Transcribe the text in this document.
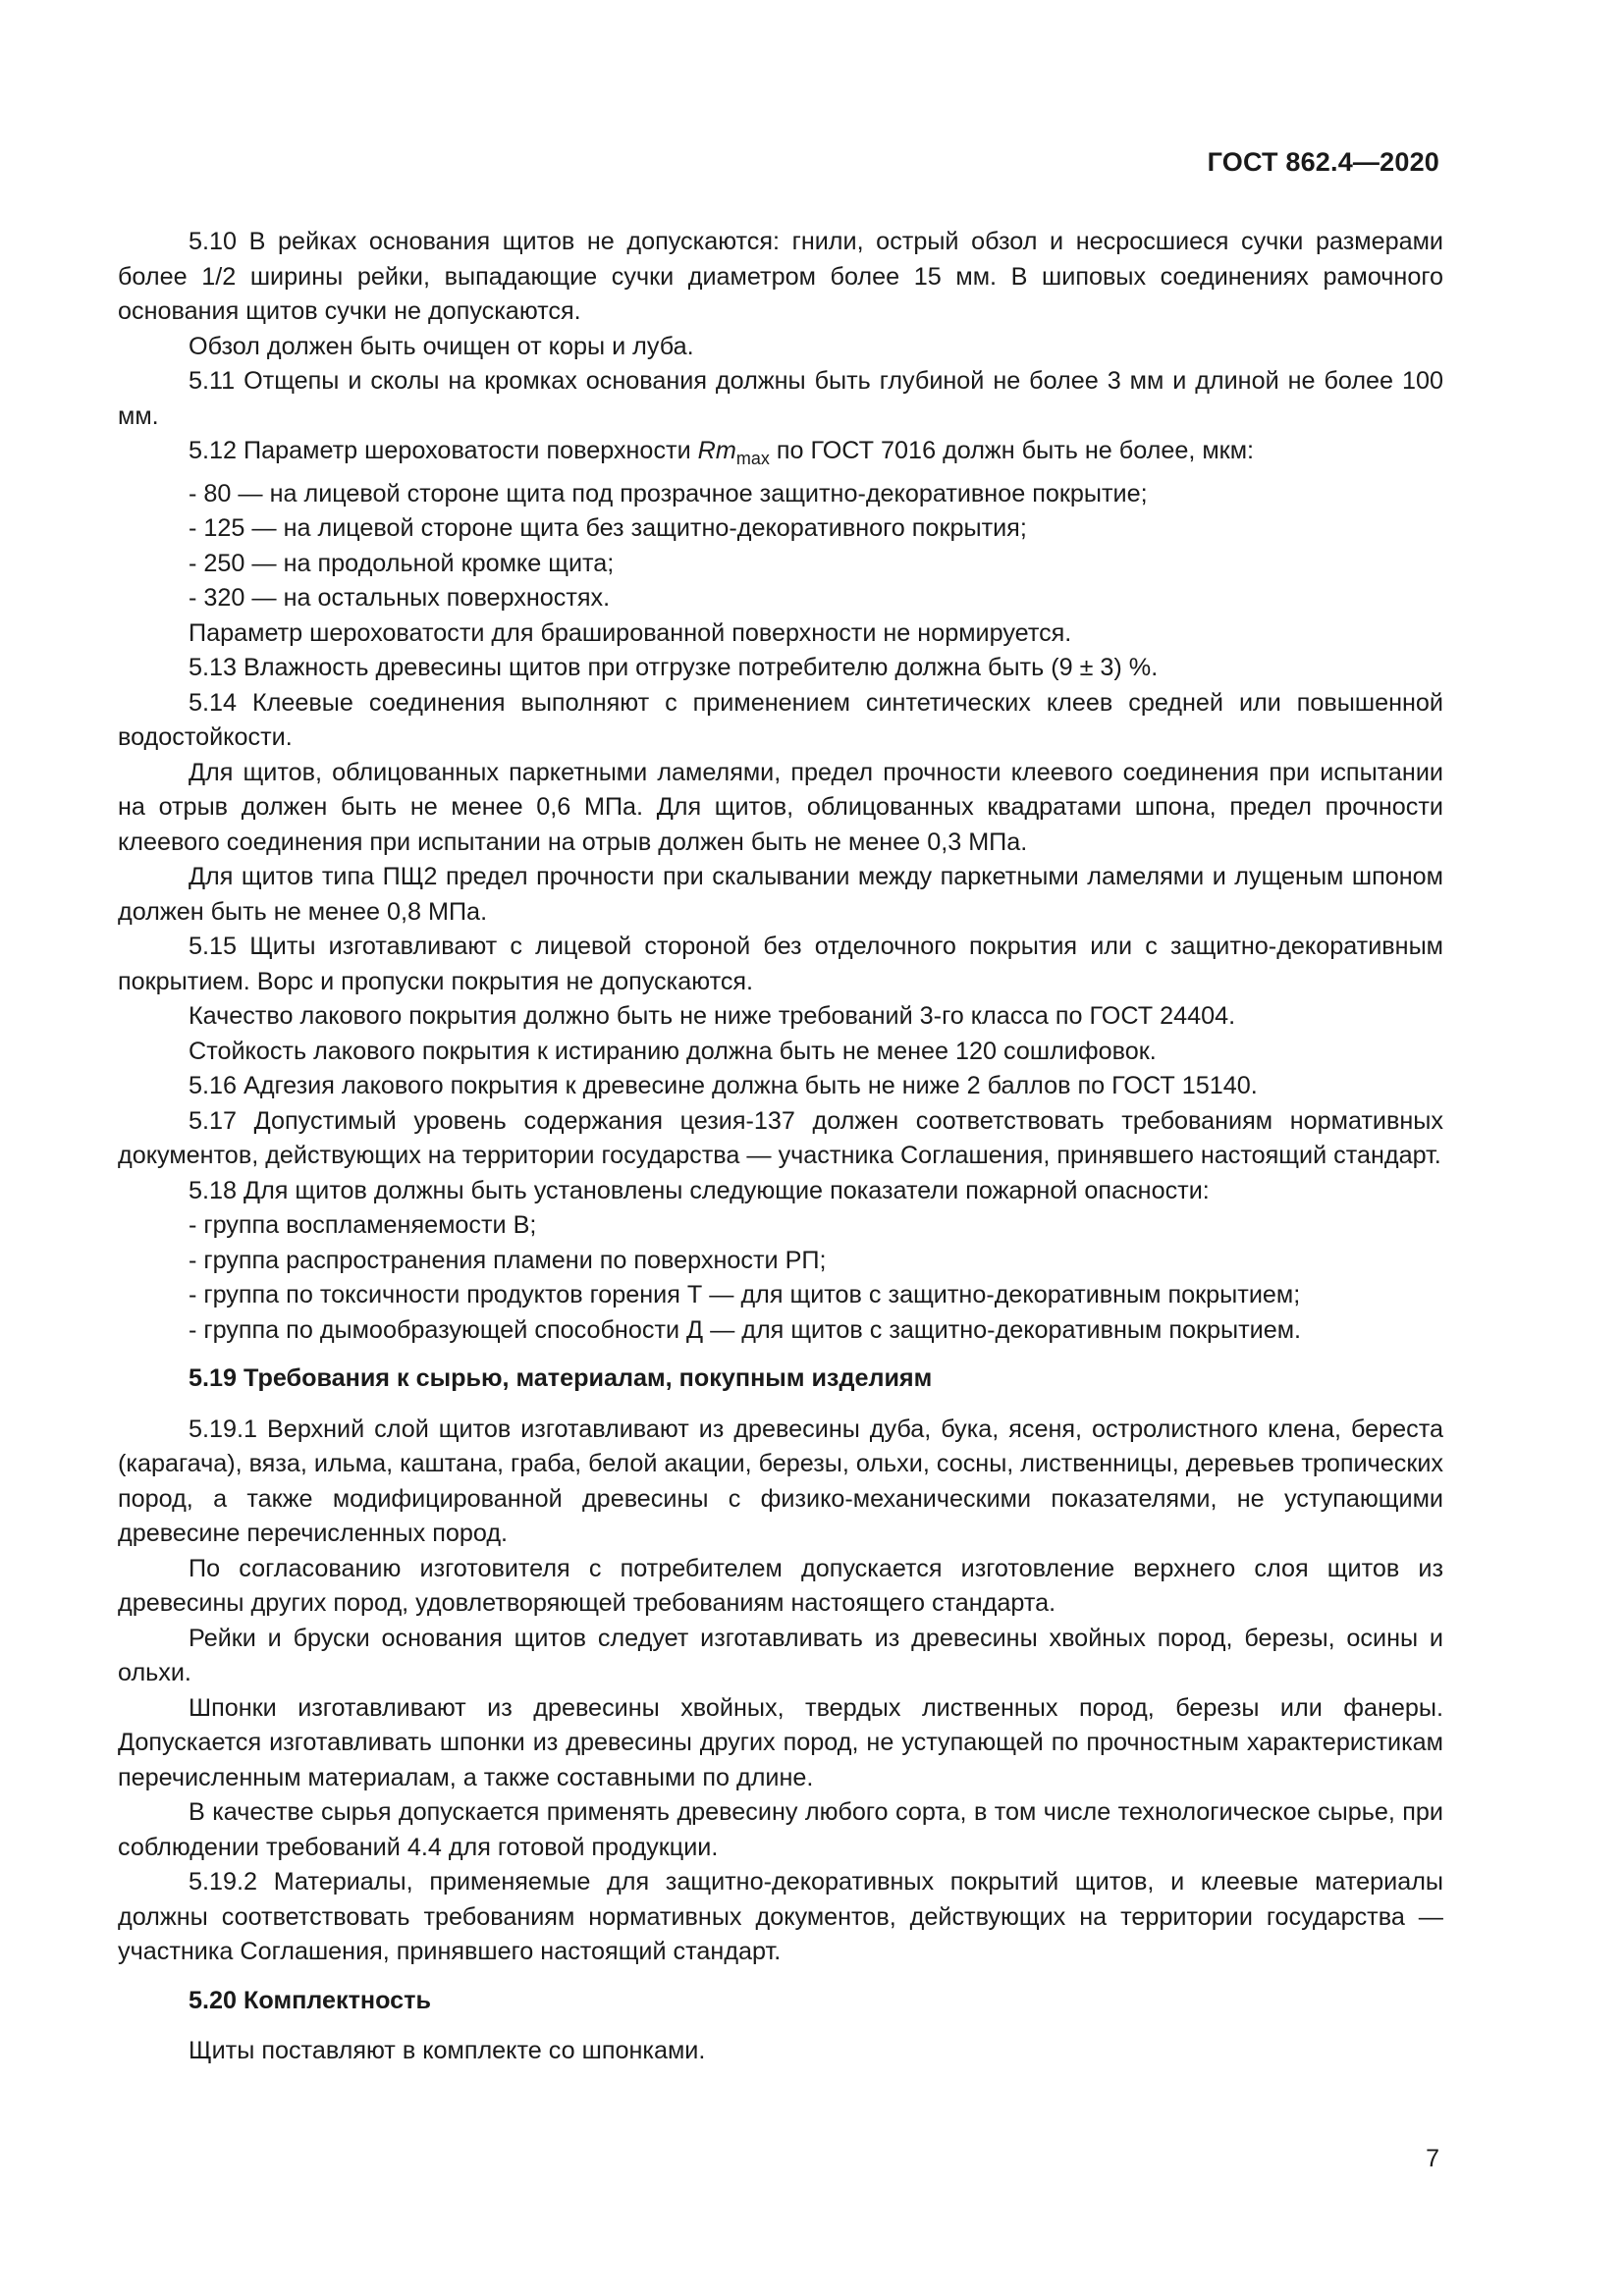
ГОСТ 862.4—2020

5.10 В рейках основания щитов не допускаются: гнили, острый обзол и несросшиеся сучки размерами более 1/2 ширины рейки, выпадающие сучки диаметром более 15 мм. В шиповых соединениях рамочного основания щитов сучки не допускаются.

Обзол должен быть очищен от коры и луба.

5.11 Отщепы и сколы на кромках основания должны быть глубиной не более 3 мм и длиной не более 100 мм.

5.12 Параметр шероховатости поверхности $Rm_{max}$ по ГОСТ 7016 должн быть не более, мкм:

- 80 — на лицевой стороне щита под прозрачное защитно-декоративное покрытие;

- 125 — на лицевой стороне щита без защитно-декоративного покрытия;

- 250 — на продольной кромке щита;

- 320 — на остальных поверхностях.

Параметр шероховатости для брашированной поверхности не нормируется.

5.13 Влажность древесины щитов при отгрузке потребителю должна быть (9 ± 3) %.

5.14 Клеевые соединения выполняют с применением синтетических клеев средней или повышенной водостойкости.

Для щитов, облицованных паркетными ламелями, предел прочности клеевого соединения при испытании на отрыв должен быть не менее 0,6 МПа. Для щитов, облицованных квадратами шпона, предел прочности клеевого соединения при испытании на отрыв должен быть не менее 0,3 МПа.

Для щитов типа ПЩ2 предел прочности при скалывании между паркетными ламелями и лущеным шпоном должен быть не менее 0,8 МПа.

5.15 Щиты изготавливают с лицевой стороной без отделочного покрытия или с защитно-декоративным покрытием. Ворс и пропуски покрытия не допускаются.

Качество лакового покрытия должно быть не ниже требований 3-го класса по ГОСТ 24404.

Стойкость лакового покрытия к истиранию должна быть не менее 120 сошлифовок.

5.16 Адгезия лакового покрытия к древесине должна быть не ниже 2 баллов по ГОСТ 15140.

5.17 Допустимый уровень содержания цезия-137 должен соответствовать требованиям нормативных документов, действующих на территории государства — участника Соглашения, принявшего настоящий стандарт.

5.18 Для щитов должны быть установлены следующие показатели пожарной опасности:

- группа воспламеняемости В;

- группа распространения пламени по поверхности РП;

- группа по токсичности продуктов горения Т — для щитов с защитно-декоративным покрытием;

- группа по дымообразующей способности Д — для щитов с защитно-декоративным покрытием.

5.19 Требования к сырью, материалам, покупным изделиям

5.19.1 Верхний слой щитов изготавливают из древесины дуба, бука, ясеня, остролистного клена, береста (карагача), вяза, ильма, каштана, граба, белой акации, березы, ольхи, сосны, лиственницы, деревьев тропических пород, а также модифицированной древесины с физико-механическими показателями, не уступающими древесине перечисленных пород.

По согласованию изготовителя с потребителем допускается изготовление верхнего слоя щитов из древесины других пород, удовлетворяющей требованиям настоящего стандарта.

Рейки и бруски основания щитов следует изготавливать из древесины хвойных пород, березы, осины и ольхи.

Шпонки изготавливают из древесины хвойных, твердых лиственных пород, березы или фанеры. Допускается изготавливать шпонки из древесины других пород, не уступающей по прочностным характеристикам перечисленным материалам, а также составными по длине.

В качестве сырья допускается применять древесину любого сорта, в том числе технологическое сырье, при соблюдении требований 4.4 для готовой продукции.

5.19.2 Материалы, применяемые для защитно-декоративных покрытий щитов, и клеевые материалы должны соответствовать требованиям нормативных документов, действующих на территории государства — участника Соглашения, принявшего настоящий стандарт.

5.20 Комплектность

Щиты поставляют в комплекте со шпонками.

7
